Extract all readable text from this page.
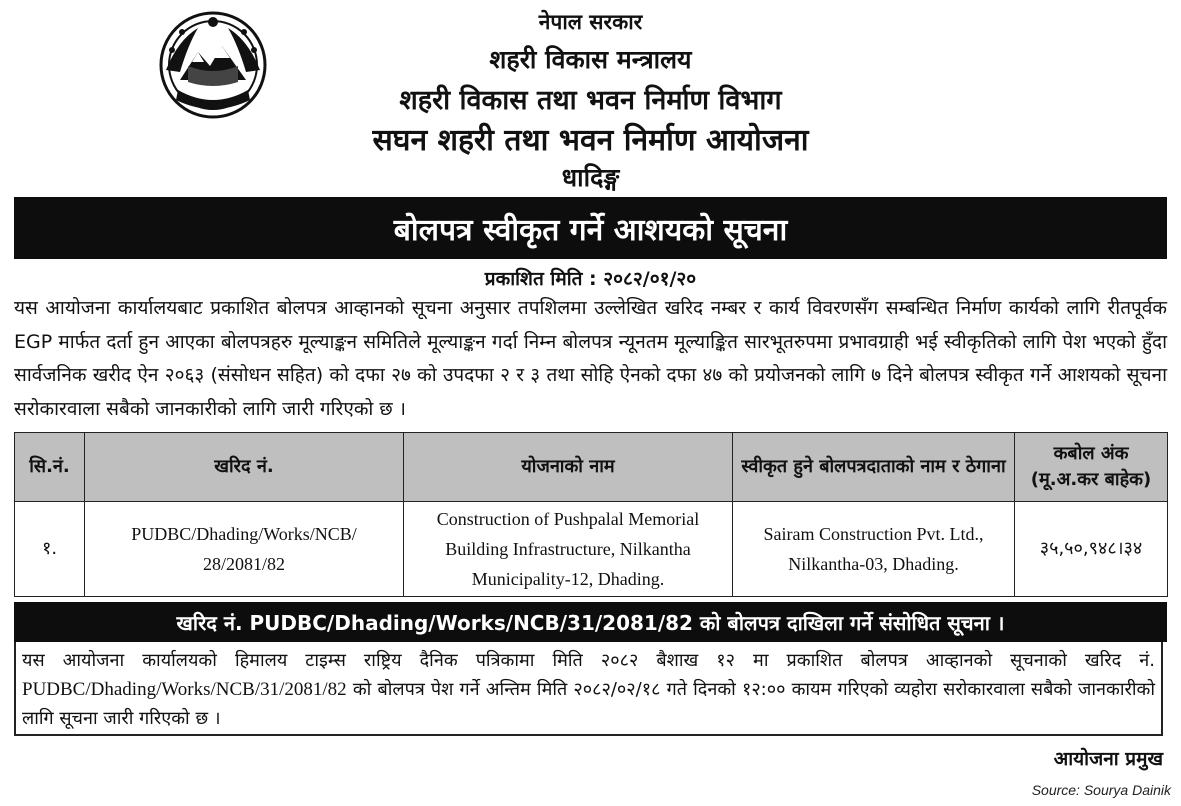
नेपाल सरकार
शहरी विकास मन्त्रालय
शहरी विकास तथा भवन निर्माण विभाग
सघन शहरी तथा भवन निर्माण आयोजना
धादिङ्ग
बोलपत्र स्वीकृत गर्ने आशयको सूचना
प्रकाशित मिति : २०८२/०१/२०
यस आयोजना कार्यालयबाट प्रकाशित बोलपत्र आव्हानको सूचना अनुसार तपशिलमा उल्लेखित खरिद नम्बर र कार्य विवरणसँग सम्बन्धित निर्माण कार्यको लागि रीतपूर्वक EGP मार्फत दर्ता हुन आएका बोलपत्रहरु मूल्याङ्कन समितिले मूल्याङ्कन गर्दा निम्न बोलपत्र न्यूनतम मूल्याङ्कित सारभूतरुपमा प्रभावग्राही भई स्वीकृतिको लागि पेश भएको हुँदा सार्वजनिक खरीद ऐन २०६३ (संसोधन सहित) को दफा २७ को उपदफा २ र ३ तथा सोहि ऐनको दफा ४७ को प्रयोजनको लागि ७ दिने बोलपत्र स्वीकृत गर्ने आशयको सूचना सरोकारवाला सबैको जानकारीको लागि जारी गरिएको छ ।
सि.नं.	खरिद नं.	योजनाको नाम	स्वीकृत हुने बोलपत्रदाताको नाम र ठेगाना	कबोल अंक (मू.अ.कर बाहेक)
१.	PUDBC/Dhading/Works/NCB/ 28/2081/82	Construction of Pushpalal Memorial Building Infrastructure, Nilkantha Municipality-12, Dhading.	Sairam Construction Pvt. Ltd., Nilkantha-03, Dhading.	३५,५०,९४८।३४
खरिद नं. PUDBC/Dhading/Works/NCB/31/2081/82 को बोलपत्र दाखिला गर्ने संसोधित सूचना ।
यस आयोजना कार्यालयको हिमालय टाइम्स राष्ट्रिय दैनिक पत्रिकामा मिति २०८२ बैशाख १२ मा प्रकाशित बोलपत्र आव्हानको सूचनाको खरिद नं. PUDBC/Dhading/Works/NCB/31/2081/82 को बोलपत्र पेश गर्ने अन्तिम मिति २०८२/०२/१८ गते दिनको १२:०० कायम गरिएको व्यहोरा सरोकारवाला सबैको जानकारीको लागि सूचना जारी गरिएको छ ।
आयोजना प्रमुख
Source: Sourya Dainik
